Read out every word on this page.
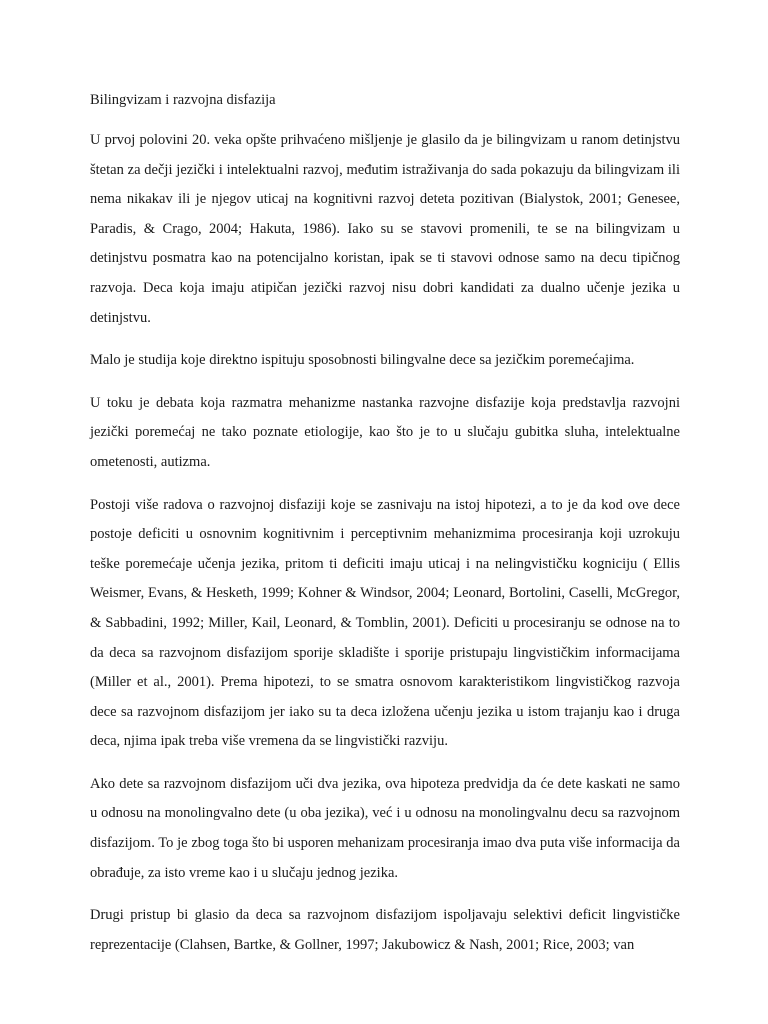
Bilingvizam i razvojna disfazija

U prvoj polovini 20. veka opšte prihvaćeno mišljenje je glasilo da je bilingvizam u ranom detinjstvu štetan za dečji jezički i intelektualni razvoj, međutim istraživanja do sada pokazuju da bilingvizam ili nema nikakav ili je njegov uticaj na kognitivni razvoj deteta pozitivan (Bialystok, 2001; Genesee, Paradis, & Crago, 2004; Hakuta, 1986). Iako su se stavovi promenili, te se na bilingvizam u detinjstvu posmatra kao na potencijalno koristan, ipak se ti stavovi odnose samo na decu tipičnog razvoja. Deca koja imaju atipičan jezički razvoj nisu dobri kandidati za dualno učenje jezika u detinjstvu.

Malo je studija koje direktno ispituju sposobnosti bilingvalne dece sa jezičkim poremećajima.

U toku je debata koja razmatra mehanizme nastanka razvojne disfazije koja predstavlja razvojni jezički poremećaj ne tako poznate etiologije, kao što je to u slučaju gubitka sluha, intelektualne ometenosti, autizma.

Postoji više radova o razvojnoj disfaziji koje se zasnivaju na istoj hipotezi, a to je da kod ove dece postoje deficiti u osnovnim kognitivnim i perceptivnim mehanizmima procesiranja koji uzrokuju teške poremećaje učenja jezika, pritom ti deficiti imaju uticaj i na nelingvističku kogniciju ( Ellis Weismer, Evans, & Hesketh, 1999; Kohner & Windsor, 2004; Leonard, Bortolini, Caselli, McGregor, & Sabbadini, 1992; Miller, Kail, Leonard, & Tomblin, 2001). Deficiti u procesiranju se odnose na to da deca sa razvojnom disfazijom sporije skladište i sporije pristupaju lingvističkim informacijama (Miller et al., 2001). Prema hipotezi, to se smatra osnovom karakteristikom lingvističkog razvoja dece sa razvojnom disfazijom jer iako su ta deca izložena učenju jezika u istom trajanju kao i druga deca, njima ipak treba više vremena da se lingvistički razviju.

Ako dete sa razvojnom disfazijom uči dva jezika, ova hipoteza predvidja da će dete kaskati ne samo u odnosu na monolingvalno dete (u oba jezika), već i u odnosu na monolingvalnu decu sa razvojnom disfazijom. To je zbog toga što bi usporen mehanizam procesiranja imao dva puta više informacija da obrađuje, za isto vreme kao i u slučaju jednog jezika.

Drugi pristup bi glasio da deca sa razvojnom disfazijom ispoljavaju selektivi deficit lingvističke reprezentacije (Clahsen, Bartke, & Gollner, 1997; Jakubowicz & Nash, 2001; Rice, 2003; van
